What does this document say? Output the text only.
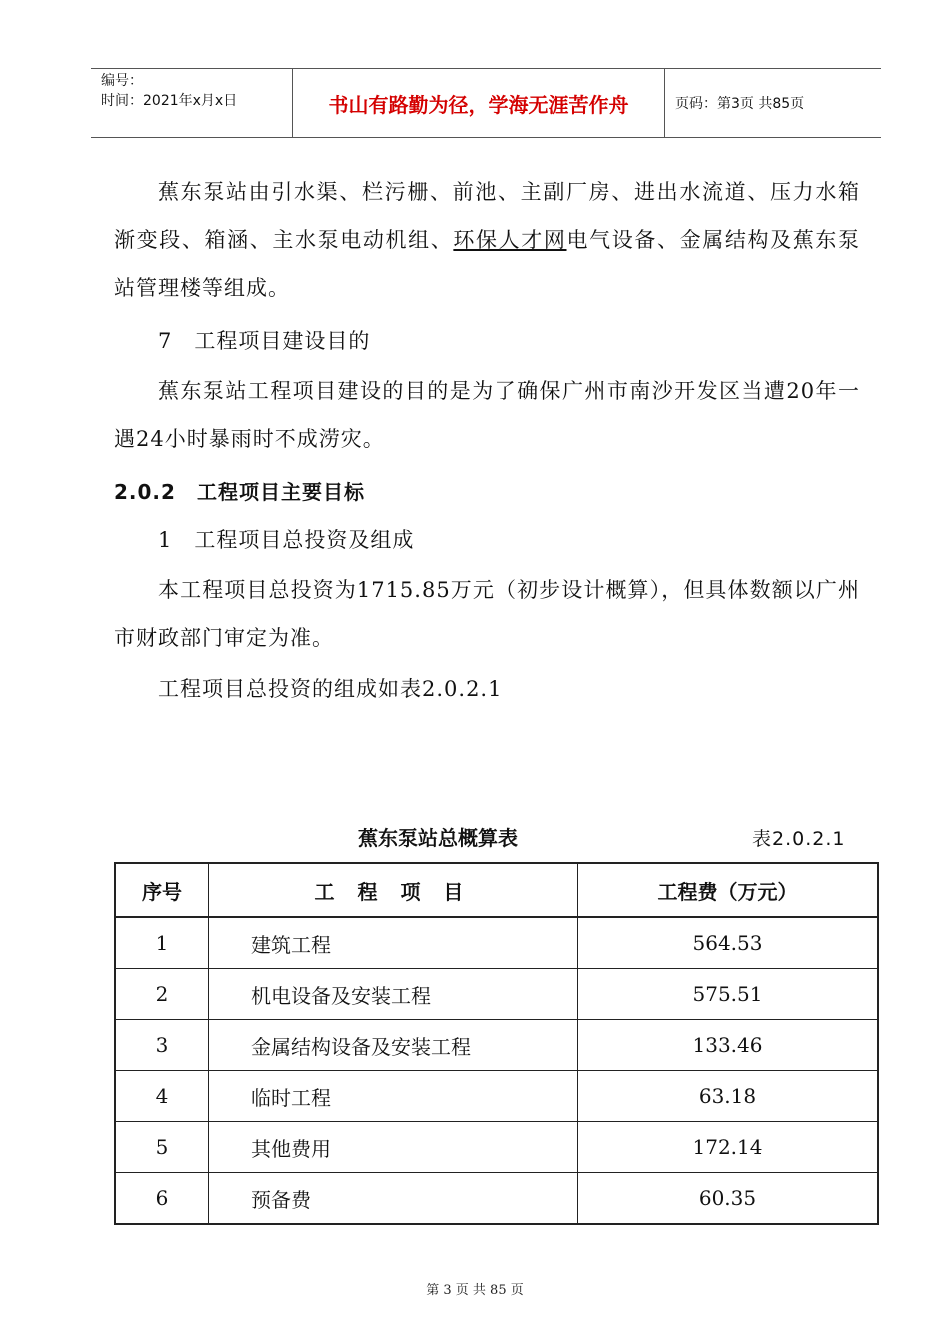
编号：
时间：2021年x月x日	书山有路勤为径，学海无涯苦作舟	页码：第3页 共85页

蕉东泵站由引水渠、栏污栅、前池、主副厂房、进出水流道、压力水箱渐变段、箱涵、主水泵电动机组、环保人才网电气设备、金属结构及蕉东泵站管理楼等组成。

7　工程项目建设目的

蕉东泵站工程项目建设的目的是为了确保广州市南沙开发区当遭20年一遇24小时暴雨时不成涝灾。

2.0.2　工程项目主要目标

1　工程项目总投资及组成

本工程项目总投资为1715.85万元（初步设计概算），但具体数额以广州市财政部门审定为准。

工程项目总投资的组成如表2.0.2.1

蕉东泵站总概算表	表2.0.2.1
序号	工 程 项 目	工程费（万元）
1	建筑工程	564.53
2	机电设备及安装工程	575.51
3	金属结构设备及安装工程	133.46
4	临时工程	63.18
5	其他费用	172.14
6	预备费	60.35
第 3 页 共 85 页
